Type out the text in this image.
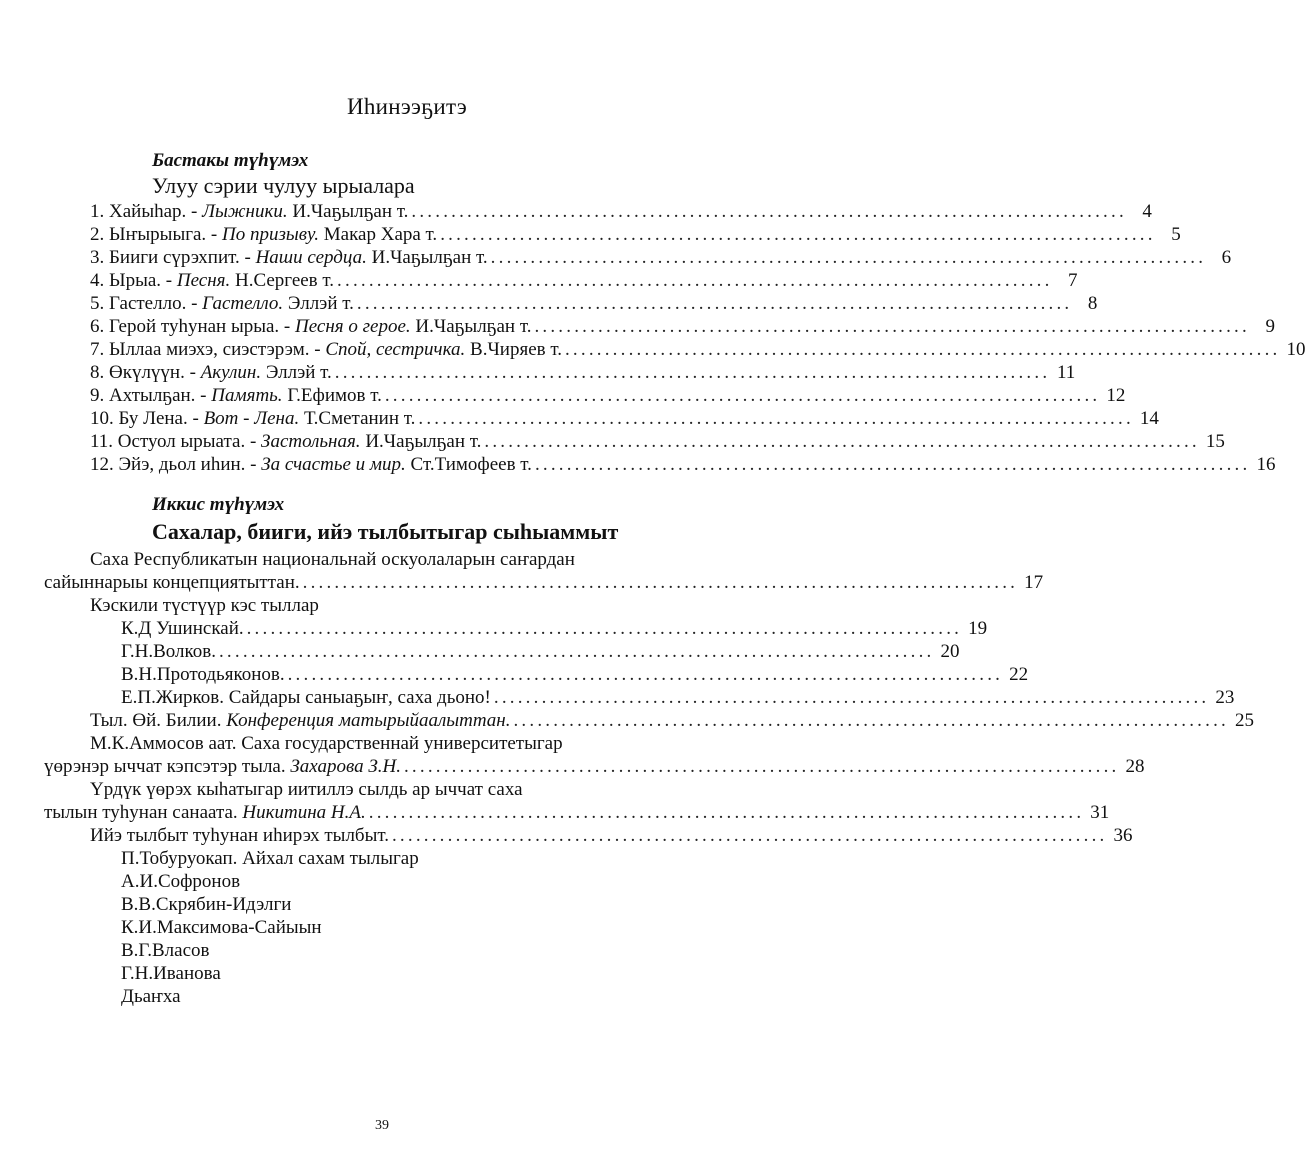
Иһинээҕитэ
Бастакы түһүмэх
Улуу сэрии чулуу ырыалара
1. Хайыһар. - Лыжники. И.Чаҕылҕан т. .......................................................................................... 4
2. Ыҥырыыга. - По призыву. Макар Хара т. .......................................................................................... 5
3. Бииги сүрэхпит. - Наши сердца. И.Чаҕылҕан т. .......................................................................................... 6
4. Ырыа. - Песня. Н.Сергеев т. .......................................................................................... 7
5. Гастелло. - Гастелло. Эллэй т. .......................................................................................... 8
6. Герой туһунан ырыа. - Песня о герое. И.Чаҕылҕан т. .......................................................................................... 9
7. Ыллаа миэхэ, сиэстэрэм. - Спой, сестричка. В.Чиряев т. .......................................................................................... 10
8. Өкүлүүн. - Акулин. Эллэй т. .......................................................................................... 11
9. Ахтылҕан. - Память. Г.Ефимов т. .......................................................................................... 12
10. Бу Лена. - Вот - Лена. Т.Сметанин т. .......................................................................................... 14
11. Остуол ырыата. - Застольная. И.Чаҕылҕан т. .......................................................................................... 15
12. Эйэ, дьол иһин. - За счастье и мир. Ст.Тимофеев т. .......................................................................................... 16
Иккис түһүмэх
Сахалар, бииги, ийэ тылбытыгар сыһыаммыт
Саха Республикатын национальнай оскуолаларын саҥардан
сайыннарыы концепциятыттан. .......................................................................................... 17
Кэскили түстүүр кэс тыллар
К.Д Ушинскай. .......................................................................................... 19
Г.Н.Волков. .......................................................................................... 20
В.Н.Протодьяконов. .......................................................................................... 22
Е.П.Жирков. Сайдары саныаҕыҥ, саха дьоно! .......................................................................................... 23
Тыл. Өй. Билии. Конференция матырыйаалыттан. .......................................................................................... 25
М.К.Аммосов аат. Саха государственнай университетыгар
үөрэнэр ыччат кэпсэтэр тыла. Захарова З.Н. .......................................................................................... 28
Үрдүк үөрэх кыһатыгар иитиллэ сылдь ар ыччат саха
тылын туһунан санаата. Никитина Н.А. .......................................................................................... 31
Ийэ тылбыт туһунан иһирэх тылбыт. .......................................................................................... 36
П.Тобуруокап. Айхал сахам тылыгар
А.И.Софронов
В.В.Скрябин-Идэлги
К.И.Максимова-Сайыын
В.Г.Власов
Г.Н.Иванова
Дьаҥха
39
